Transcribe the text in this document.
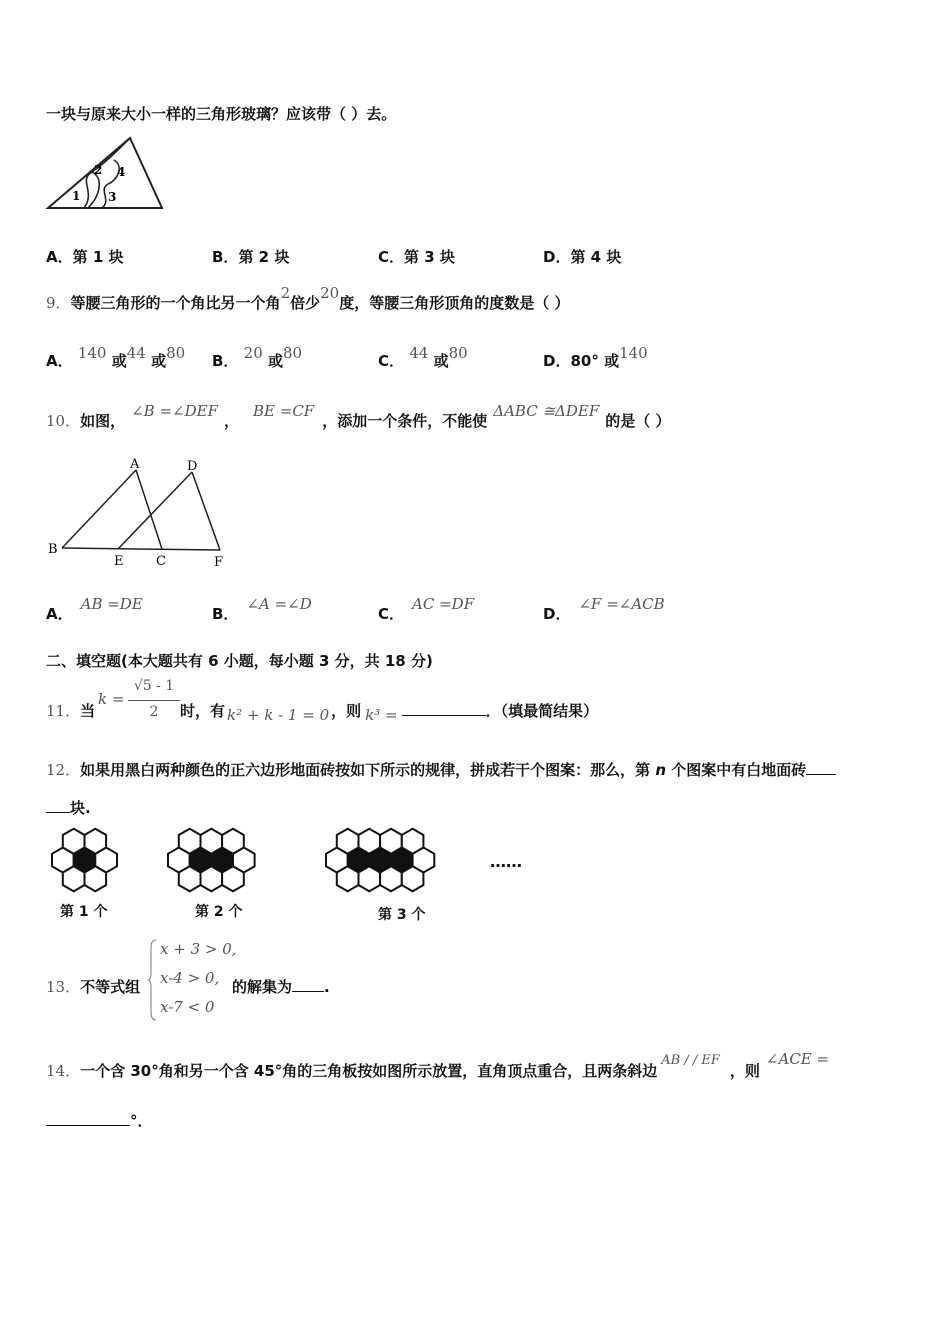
一块与原来大小一样的三角形玻璃？应该带（ ）去。
1
2
3
4
A．第 1 块	B．第 2 块	C．第 3 块	D．第 4 块
9．等腰三角形的一个角比另一个角2倍少20度，等腰三角形顶角的度数是（ ）
A． 140 或44 或80 B． 20 或80	C． 44 或80	D．80° 或140
10．如图，∠B =∠DEF，BE =CF，添加一个条件，不能使ΔABC ≅ΔDEF的是（ ）
A	D
B
E	C	F
A．AB =DE
B．∠A =∠D
C．AC =DF
D．∠F =∠ACB
二、填空题(本大题共有 6 小题，每小题 3 分，共 18 分)
11．当
k =
√5 - 1
2	时，有 k² + k - 1 = 0 ，则 k³ =	．（填最简结果）
12．如果用黑白两种颜色的正六边形地面砖按如下所示的规律，拼成若干个图案：那么，第 n 个图案中有白地面砖
块.
第 1 个	第 2 个	第 3 个
……
13．不等式组
x + 3 > 0,
x-4 > 0,
x-7 < 0
的解集为 .
14．一个含 30°角和另一个含 45°角的三角板按如图所示放置，直角顶点重合，且两条斜边AB / / EF，则∠ACE =
°．
